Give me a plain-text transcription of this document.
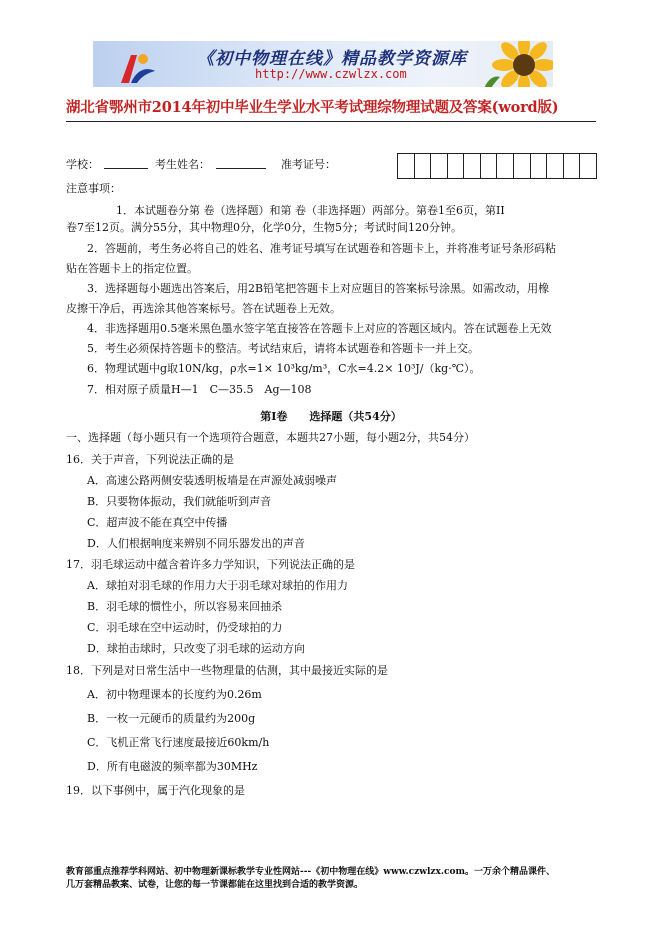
《初中物理在线》精品教学资源库
http://www.czwlzx.com
湖北省鄂州市2014年初中毕业生学业水平考试理综物理试题及答案(word版)
学校：	考生姓名：	准考证号：
注意事项：
1．本试题卷分第 卷（选择题）和第 卷（非选择题）两部分。第卷1至6页，第II
卷7至12页。满分55分，其中物理0分，化学0分，生物5分；考试时间120分钟。
2．答题前，考生务必将自己的姓名、准考证号填写在试题卷和答题卡上，并将准考证号条形码粘
贴在答题卡上的指定位置。
3．选择题每小题选出答案后，用2B铅笔把答题卡上对应题目的答案标号涂黑。如需改动，用橡
皮擦干净后，再选涂其他答案标号。答在试题卷上无效。
4．非选择题用0.5毫米黑色墨水签字笔直接答在答题卡上对应的答题区域内。答在试题卷上无效
5．考生必须保持答题卡的整洁。考试结束后，请将本试题卷和答题卡一并上交。
6．物理试题中g取10N/kg，ρ水=1× 10³kg/m³，C水=4.2× 10³J/（kg·℃）。
7．相对原子质量H—1　C—35.5　Ag—108
第Ⅰ卷　　选择题（共54分）
一、选择题（每小题只有一个选项符合题意，本题共27小题，每小题2分，共54分）
16．关于声音，下列说法正确的是
A．高速公路两侧安装透明板墙是在声源处减弱噪声
B．只要物体振动，我们就能听到声音
C．超声波不能在真空中传播
D．人们根据响度来辨别不同乐器发出的声音
17．羽毛球运动中蕴含着许多力学知识，下列说法正确的是
A．球拍对羽毛球的作用力大于羽毛球对球拍的作用力
B．羽毛球的惯性小，所以容易来回抽杀
C．羽毛球在空中运动时，仍受球拍的力
D．球拍击球时，只改变了羽毛球的运动方向
18．下列是对日常生活中一些物理量的估测，其中最接近实际的是
A．初中物理课本的长度约为0.26m
B．一枚一元硬币的质量约为200g
C．飞机正常飞行速度最接近60km/h
D．所有电磁波的频率都为30MHz
19．以下事例中，属于汽化现象的是
教育部重点推荐学科网站、初中物理新课标教学专业性网站---《初中物理在线》www.czwlzx.com。一万余个精品课件、
几万套精品教案、试卷，让您的每一节课都能在这里找到合适的教学资源。
